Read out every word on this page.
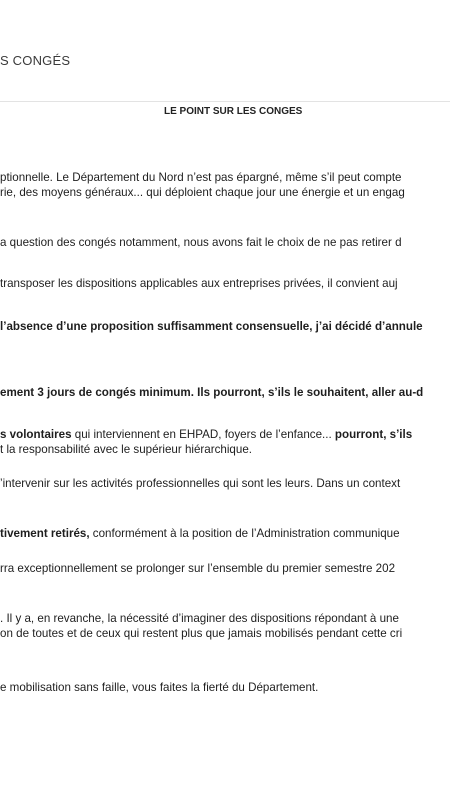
S CONGÉS
LE POINT SUR LES CONGES
ptionnelle. Le Département du Nord n’est pas épargné, même s’il peut compte
rie, des moyens généraux... qui déploient chaque jour une énergie et un engag
a question des congés notamment, nous avons fait le choix de ne pas retirer d
transposer les dispositions applicables aux entreprises privées, il convient auj
l’absence d’une proposition suffisamment consensuelle, j’ai décidé d’annule
ement 3 jours de congés minimum. Ils pourront, s’ils le souhaitent, aller au-d
s volontaires qui interviennent en EHPAD, foyers de l’enfance... pourront, s’ils
t la responsabilité avec le supérieur hiérarchique.
’intervenir sur les activités professionnelles qui sont les leurs. Dans un context
tivement retirés, conformément à la position de l’Administration communique
rra exceptionnellement se prolonger sur l’ensemble du premier semestre 202
. Il y a, en revanche, la nécessité d’imaginer des dispositions répondant à une
on de toutes et de ceux qui restent plus que jamais mobilisés pendant cette cri
e mobilisation sans faille, vous faites la fierté du Département.
